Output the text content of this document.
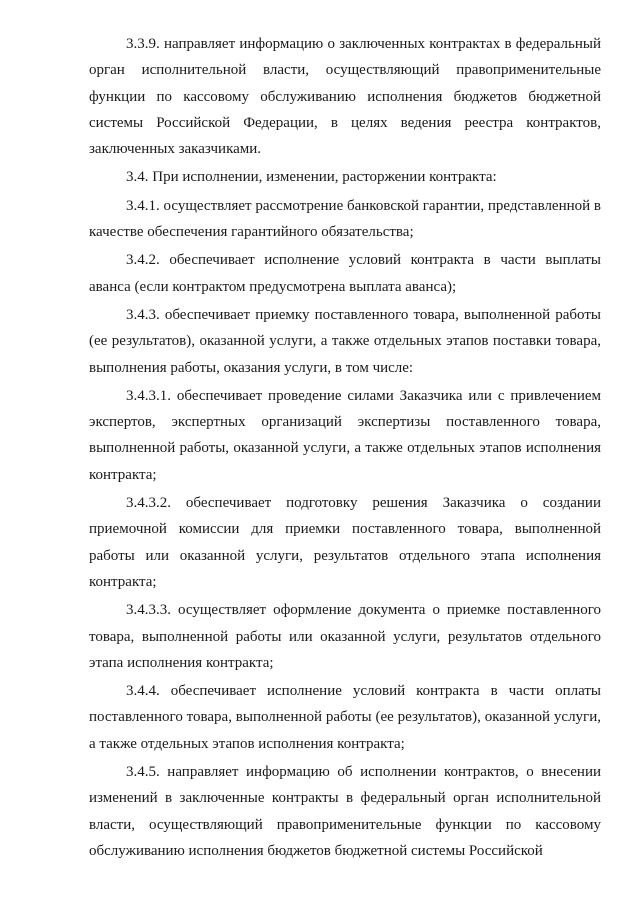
3.3.9. направляет информацию о заключенных контрактах в федеральный орган исполнительной власти, осуществляющий правоприменительные функции по кассовому обслуживанию исполнения бюджетов бюджетной системы Российской Федерации, в целях ведения реестра контрактов, заключенных заказчиками.

3.4. При исполнении, изменении, расторжении контракта:

3.4.1. осуществляет рассмотрение банковской гарантии, представленной в качестве обеспечения гарантийного обязательства;

3.4.2. обеспечивает исполнение условий контракта в части выплаты аванса (если контрактом предусмотрена выплата аванса);

3.4.3. обеспечивает приемку поставленного товара, выполненной работы (ее результатов), оказанной услуги, а также отдельных этапов поставки товара, выполнения работы, оказания услуги, в том числе:

3.4.3.1. обеспечивает проведение силами Заказчика или с привлечением экспертов, экспертных организаций экспертизы поставленного товара, выполненной работы, оказанной услуги, а также отдельных этапов исполнения контракта;

3.4.3.2. обеспечивает подготовку решения Заказчика о создании приемочной комиссии для приемки поставленного товара, выполненной работы или оказанной услуги, результатов отдельного этапа исполнения контракта;

3.4.3.3. осуществляет оформление документа о приемке поставленного товара, выполненной работы или оказанной услуги, результатов отдельного этапа исполнения контракта;

3.4.4. обеспечивает исполнение условий контракта в части оплаты поставленного товара, выполненной работы (ее результатов), оказанной услуги, а также отдельных этапов исполнения контракта;

3.4.5. направляет информацию об исполнении контрактов, о внесении изменений в заключенные контракты в федеральный орган исполнительной власти, осуществляющий правоприменительные функции по кассовому обслуживанию исполнения бюджетов бюджетной системы Российской
